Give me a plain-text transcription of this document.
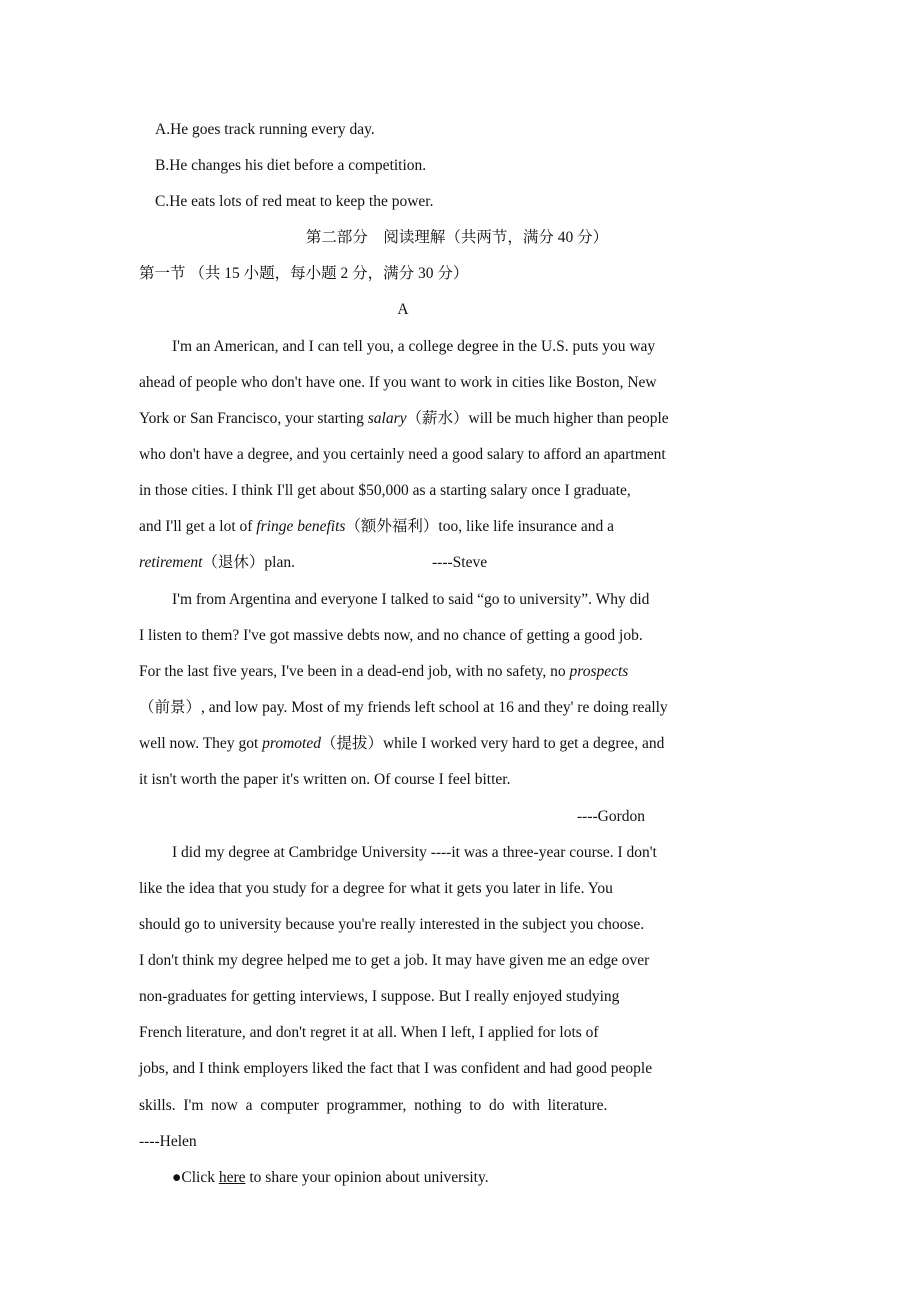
A.He goes track running every day.
B.He changes his diet before a competition.
C.He eats lots of red meat to keep the power.
第二部分　阅读理解（共两节，满分 40 分）
第一节 （共 15 小题，每小题 2 分，满分 30 分）
A
I'm an American, and I can tell you, a college degree in the U.S. puts you way
ahead of people who don't have one. If you want to work in cities like Boston, New
York or San Francisco, your starting salary（薪水）will be much higher than people
who don't have a degree, and you certainly need a good salary to afford an apartment
in those cities. I think I'll get about $50,000 as a starting salary once I graduate,
and I'll get a lot of fringe benefits（额外福利）too, like life insurance and a
retirement（退休）plan.
I'm from Argentina and everyone I talked to said “go to university”. Why did
I listen to them? I've got massive debts now, and no chance of getting a good job.
For the last five years, I've been in a dead-end job, with no safety, no prospects
（前景）, and low pay. Most of my friends left school at 16 and they' re doing really
well now. They got promoted（提拔）while I worked very hard to get a degree, and
it isn't worth the paper it's written on. Of course I feel bitter.
I did my degree at Cambridge University ----it was a three-year course. I don't
like the idea that you study for a degree for what it gets you later in life. You
should go to university because you're really interested in the subject you choose.
I don't think my degree helped me to get a job. It may have given me an edge over
non-graduates for getting interviews, I suppose. But I really enjoyed studying
French literature, and don't regret it at all. When I left, I applied for lots of
jobs, and I think employers liked the fact that I was confident and had good people
skills.  I'm  now  a  computer  programmer,  nothing  to  do  with  literature.
----Steve
----Gordon
----Helen
●Click here to share your opinion about university.
